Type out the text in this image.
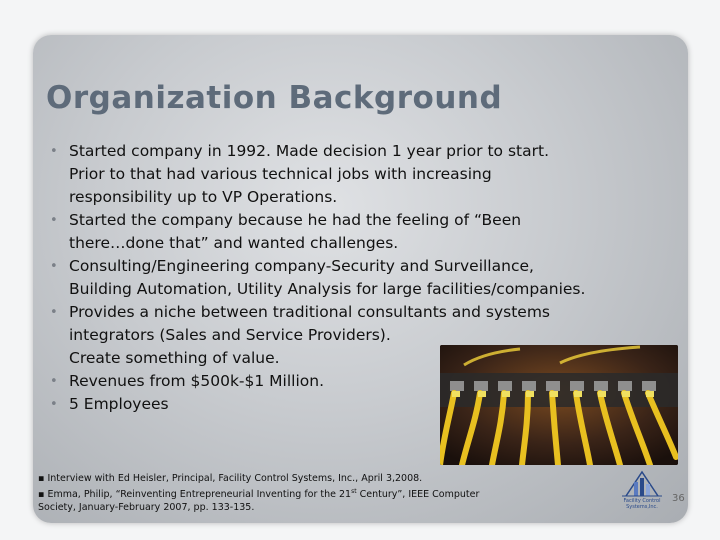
Organization Background
• Started company in 1992. Made decision 1 year prior to start.
Prior to that had various technical jobs with increasing
responsibility up to VP Operations.
• Started the company because he had the feeling of “Been
there…done that” and wanted challenges.
• Consulting/Engineering company-Security and Surveillance,
Building Automation, Utility Analysis for large facilities/companies.
• Provides a niche between traditional consultants and systems
integrators (Sales and Service Providers).
Create something of value.
• Revenues from $500k-$1 Million.
• 5 Employees
▪ Interview with Ed Heisler, Principal, Facility Control Systems, Inc., April 3,2008.
▪ Emma, Philip, “Reinventing Entrepreneurial Inventing for the 21st Century”, IEEE Computer
Society, January-February 2007, pp. 133-135.
Facility Control
Systems,Inc.
36
